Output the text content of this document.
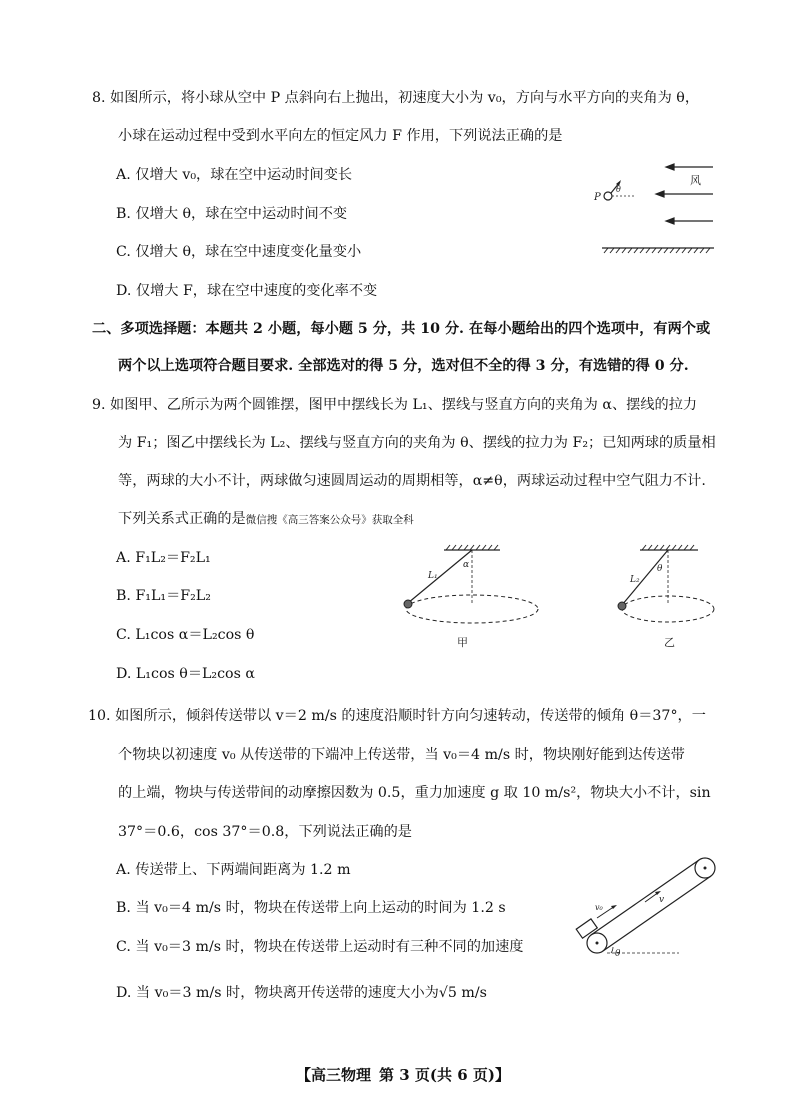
8. 如图所示，将小球从空中 P 点斜向右上抛出，初速度大小为 v₀，方向与水平方向的夹角为 θ，
小球在运动过程中受到水平向左的恒定风力 F 作用，下列说法正确的是
A. 仅增大 v₀，球在空中运动时间变长
B. 仅增大 θ，球在空中运动时间不变
C. 仅增大 θ，球在空中速度变化量变小
D. 仅增大 F，球在空中速度的变化率不变
风
P
θ
二、多项选择题：本题共 2 小题，每小题 5 分，共 10 分. 在每小题给出的四个选项中，有两个或
两个以上选项符合题目要求. 全部选对的得 5 分，选对但不全的得 3 分，有选错的得 0 分.
9. 如图甲、乙所示为两个圆锥摆，图甲中摆线长为 L₁、摆线与竖直方向的夹角为 α、摆线的拉力
为 F₁；图乙中摆线长为 L₂、摆线与竖直方向的夹角为 θ、摆线的拉力为 F₂；已知两球的质量相
等，两球的大小不计，两球做匀速圆周运动的周期相等，α≠θ，两球运动过程中空气阻力不计.
下列关系式正确的是微信搜《高三答案公众号》获取全科
A. F₁L₂＝F₂L₁
B. F₁L₁＝F₂L₂
C. L₁cos α＝L₂cos θ
D. L₁cos θ＝L₂cos α
L₁
α
甲
L₂
θ
乙
10. 如图所示，倾斜传送带以 v＝2 m/s 的速度沿顺时针方向匀速转动，传送带的倾角 θ＝37°，一
个物块以初速度 v₀ 从传送带的下端冲上传送带，当 v₀＝4 m/s 时，物块刚好能到达传送带
的上端，物块与传送带间的动摩擦因数为 0.5，重力加速度 g 取 10 m/s²，物块大小不计，sin
37°＝0.6，cos 37°＝0.8，下列说法正确的是
A. 传送带上、下两端间距离为 1.2 m
B. 当 v₀＝4 m/s 时，物块在传送带上向上运动的时间为 1.2 s
C. 当 v₀＝3 m/s 时，物块在传送带上运动时有三种不同的加速度
D. 当 v₀＝3 m/s 时，物块离开传送带的速度大小为√5 m/s
v₀
v
θ
【高三物理 第 3 页(共 6 页)】
